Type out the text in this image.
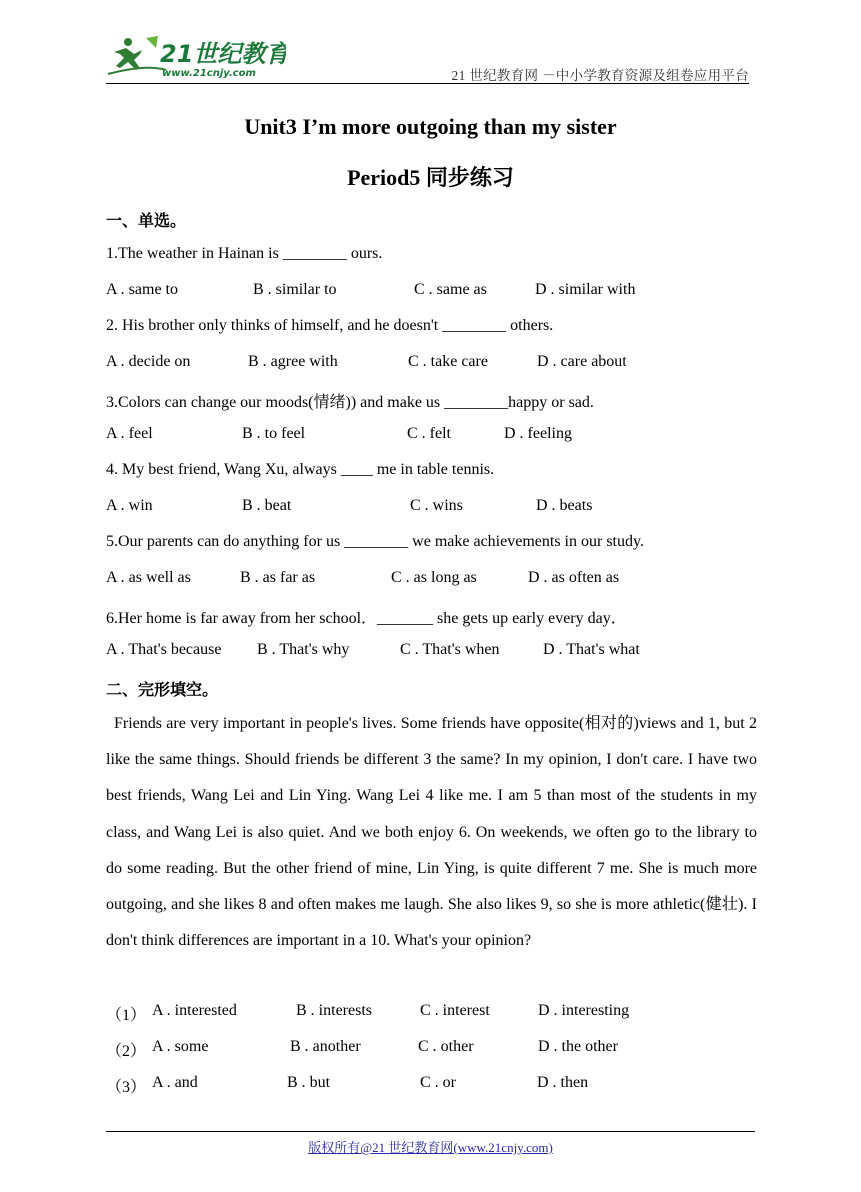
21世纪教育
www.21cnjy.com	21 世纪教育网 －中小学教育资源及组卷应用平台
Unit3 I’m more outgoing than my sister
Period5 同步练习
一、单选。
1.The weather in Hainan is ________ ours.
A . same to	B . similar to	C . same as	D . similar with
2. His brother only thinks of himself, and he doesn't ________ others.
A . decide on	B . agree with	C . take care	D . care about
3.Colors can change our moods(情绪)) and make us ________happy or sad.
A . feel	B . to feel	C . felt	D . feeling
4. My best friend, Wang Xu, always ____ me in table tennis.
A . win	B . beat	C . wins	D . beats
5.Our parents can do anything for us ________ we make achievements in our study.
A . as well as	B . as far as	C . as long as	D . as often as
6.Her home is far away from her school．_______ she gets up early every day．
A . That's because B . That's why	C . That's when	D . That's what
二、完形填空。
Friends are very important in people's lives. Some friends have opposite(相对的)views and 1, but 2 like the same things. Should friends be different 3 the same? In my opinion, I don't care. I have two best friends, Wang Lei and Lin Ying. Wang Lei 4 like me. I am 5 than most of the students in my class, and Wang Lei is also quiet. And we both enjoy 6. On weekends, we often go to the library to do some reading. But the other friend of mine, Lin Ying, is quite different 7 me. She is much more outgoing, and she likes 8 and often makes me laugh. She also likes 9, so she is more athletic(健壮). I don't think differences are important in a 10. What's your opinion?
（1） A . interested	B . interests	C . interest	D . interesting
（2） A . some	B . another	C . other	D . the other
（3） A . and	B . but	C . or	D . then
版权所有@21 世纪教育网(www.21cnjy.com)
